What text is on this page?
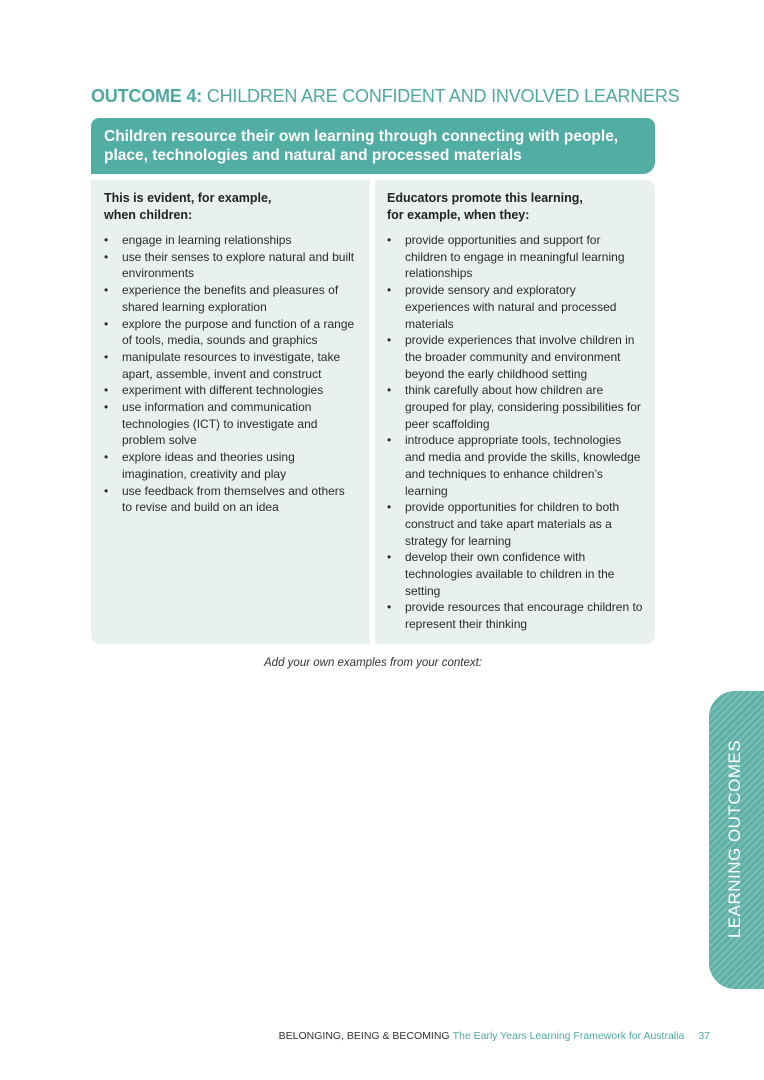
OUTCOME 4: CHILDREN ARE CONFIDENT AND INVOLVED LEARNERS
Children resource their own learning through connecting with people, place, technologies and natural and processed materials
This is evident, for example,
when children:
• engage in learning relationships
• use their senses to explore natural and built environments
• experience the benefits and pleasures of shared learning exploration
• explore the purpose and function of a range of tools, media, sounds and graphics
• manipulate resources to investigate, take apart, assemble, invent and construct
• experiment with different technologies
• use information and communication technologies (ICT) to investigate and problem solve
• explore ideas and theories using imagination, creativity and play
• use feedback from themselves and others to revise and build on an idea
Educators promote this learning,
for example, when they:
• provide opportunities and support for children to engage in meaningful learning relationships
• provide sensory and exploratory experiences with natural and processed materials
• provide experiences that involve children in the broader community and environment beyond the early childhood setting
• think carefully about how children are grouped for play, considering possibilities for peer scaffolding
• introduce appropriate tools, technologies and media and provide the skills, knowledge and techniques to enhance children’s learning
• provide opportunities for children to both construct and take apart materials as a strategy for learning
• develop their own confidence with technologies available to children in the setting
• provide resources that encourage children to represent their thinking
Add your own examples from your context:
LEARNING OUTCOMES
BELONGING, BEING & BECOMING The Early Years Learning Framework for Australia 37
